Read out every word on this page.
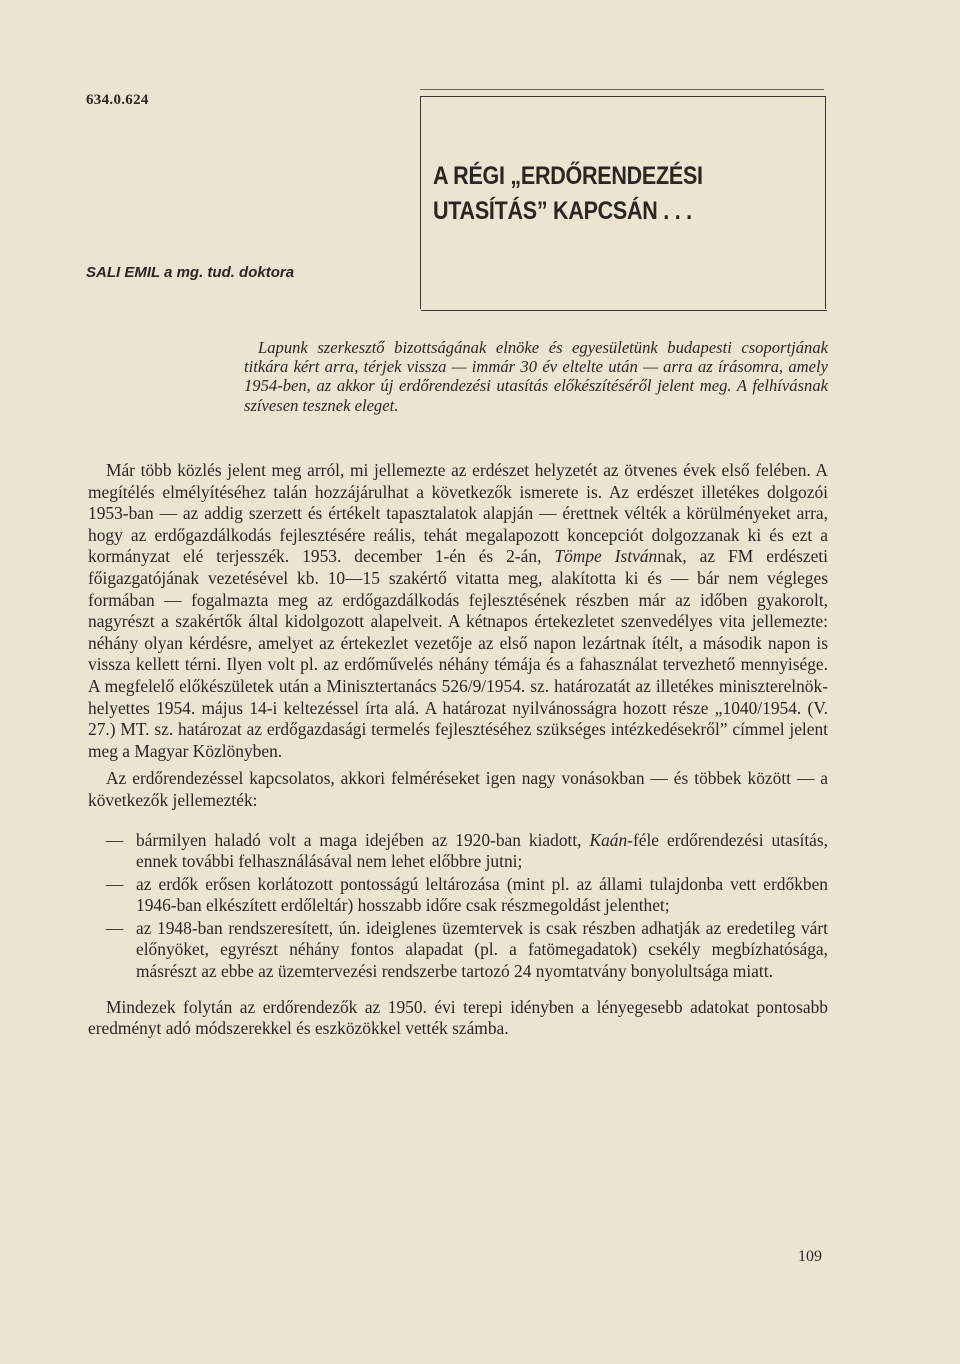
634.0.624
A RÉGI „ERDŐRENDEZÉSI UTASÍTÁS” KAPCSÁN . . .
SALI EMIL a mg. tud. doktora

Lapunk szerkesztő bizottságának elnöke és egyesületünk budapesti csoportjának titkára kért arra, térjek vissza — immár 30 év eltelte után — arra az írásomra, amely 1954-ben, az akkor új erdőrendezési utasítás előkészítéséről jelent meg. A felhívásnak szívesen tesznek eleget.

Már több közlés jelent meg arról, mi jellemezte az erdészet helyzetét az ötvenes évek első felében. A megítélés elmélyítéséhez talán hozzájárulhat a következők ismerete is. Az erdészet illetékes dolgozói 1953-ban — az addig szerzett és értékelt tapasztalatok alapján — érettnek vélték a körülményeket arra, hogy az erdőgazdálkodás fejlesztésére reális, tehát megalapozott koncepciót dolgozzanak ki és ezt a kormányzat elé terjesszék. 1953. december 1-én és 2-án, Tömpe Istvánnak, az FM erdészeti főigazgatójának vezetésével kb. 10—15 szakértő vitatta meg, alakította ki és — bár nem végleges formában — fogalmazta meg az erdőgazdálkodás fejlesztésének részben már az időben gyakorolt, nagyrészt a szakértők által kidolgozott alapelveit. A kétnapos értekezletet szenvedélyes vita jellemezte: néhány olyan kérdésre, amelyet az értekezlet vezetője az első napon lezártnak ítélt, a második napon is vissza kellett térni. Ilyen volt pl. az erdőművelés néhány témája és a fahasználat tervezhető mennyisége. A megfelelő előkészületek után a Minisztertanács 526/9/1954. sz. határozatát az illetékes miniszterelnök-helyettes 1954. május 14-i keltezéssel írta alá. A határozat nyilvánosságra hozott része „1040/1954. (V. 27.) MT. sz. határozat az erdőgazdasági termelés fejlesztéséhez szükséges intézkedésekről” címmel jelent meg a Magyar Közlönyben.

Az erdőrendezéssel kapcsolatos, akkori felméréseket igen nagy vonásokban — és többek között — a következők jellemezték:

— bármilyen haladó volt a maga idejében az 1920-ban kiadott, Kaán-féle erdőrendezési utasítás, ennek további felhasználásával nem lehet előbbre jutni;
— az erdők erősen korlátozott pontosságú leltározása (mint pl. az állami tulajdonba vett erdőkben 1946-ban elkészített erdőleltár) hosszabb időre csak részmegoldást jelenthet;
— az 1948-ban rendszeresített, ún. ideiglenes üzemtervek is csak részben adhatják az eredetileg várt előnyöket, egyrészt néhány fontos alapadat (pl. a fatömegadatok) csekély megbízhatósága, másrészt az ebbe az üzemtervezési rendszerbe tartozó 24 nyomtatvány bonyolultsága miatt.

Mindezek folytán az erdőrendezők az 1950. évi terepi idényben a lényegesebb adatokat pontosabb eredményt adó módszerekkel és eszközökkel vették számba.

109
